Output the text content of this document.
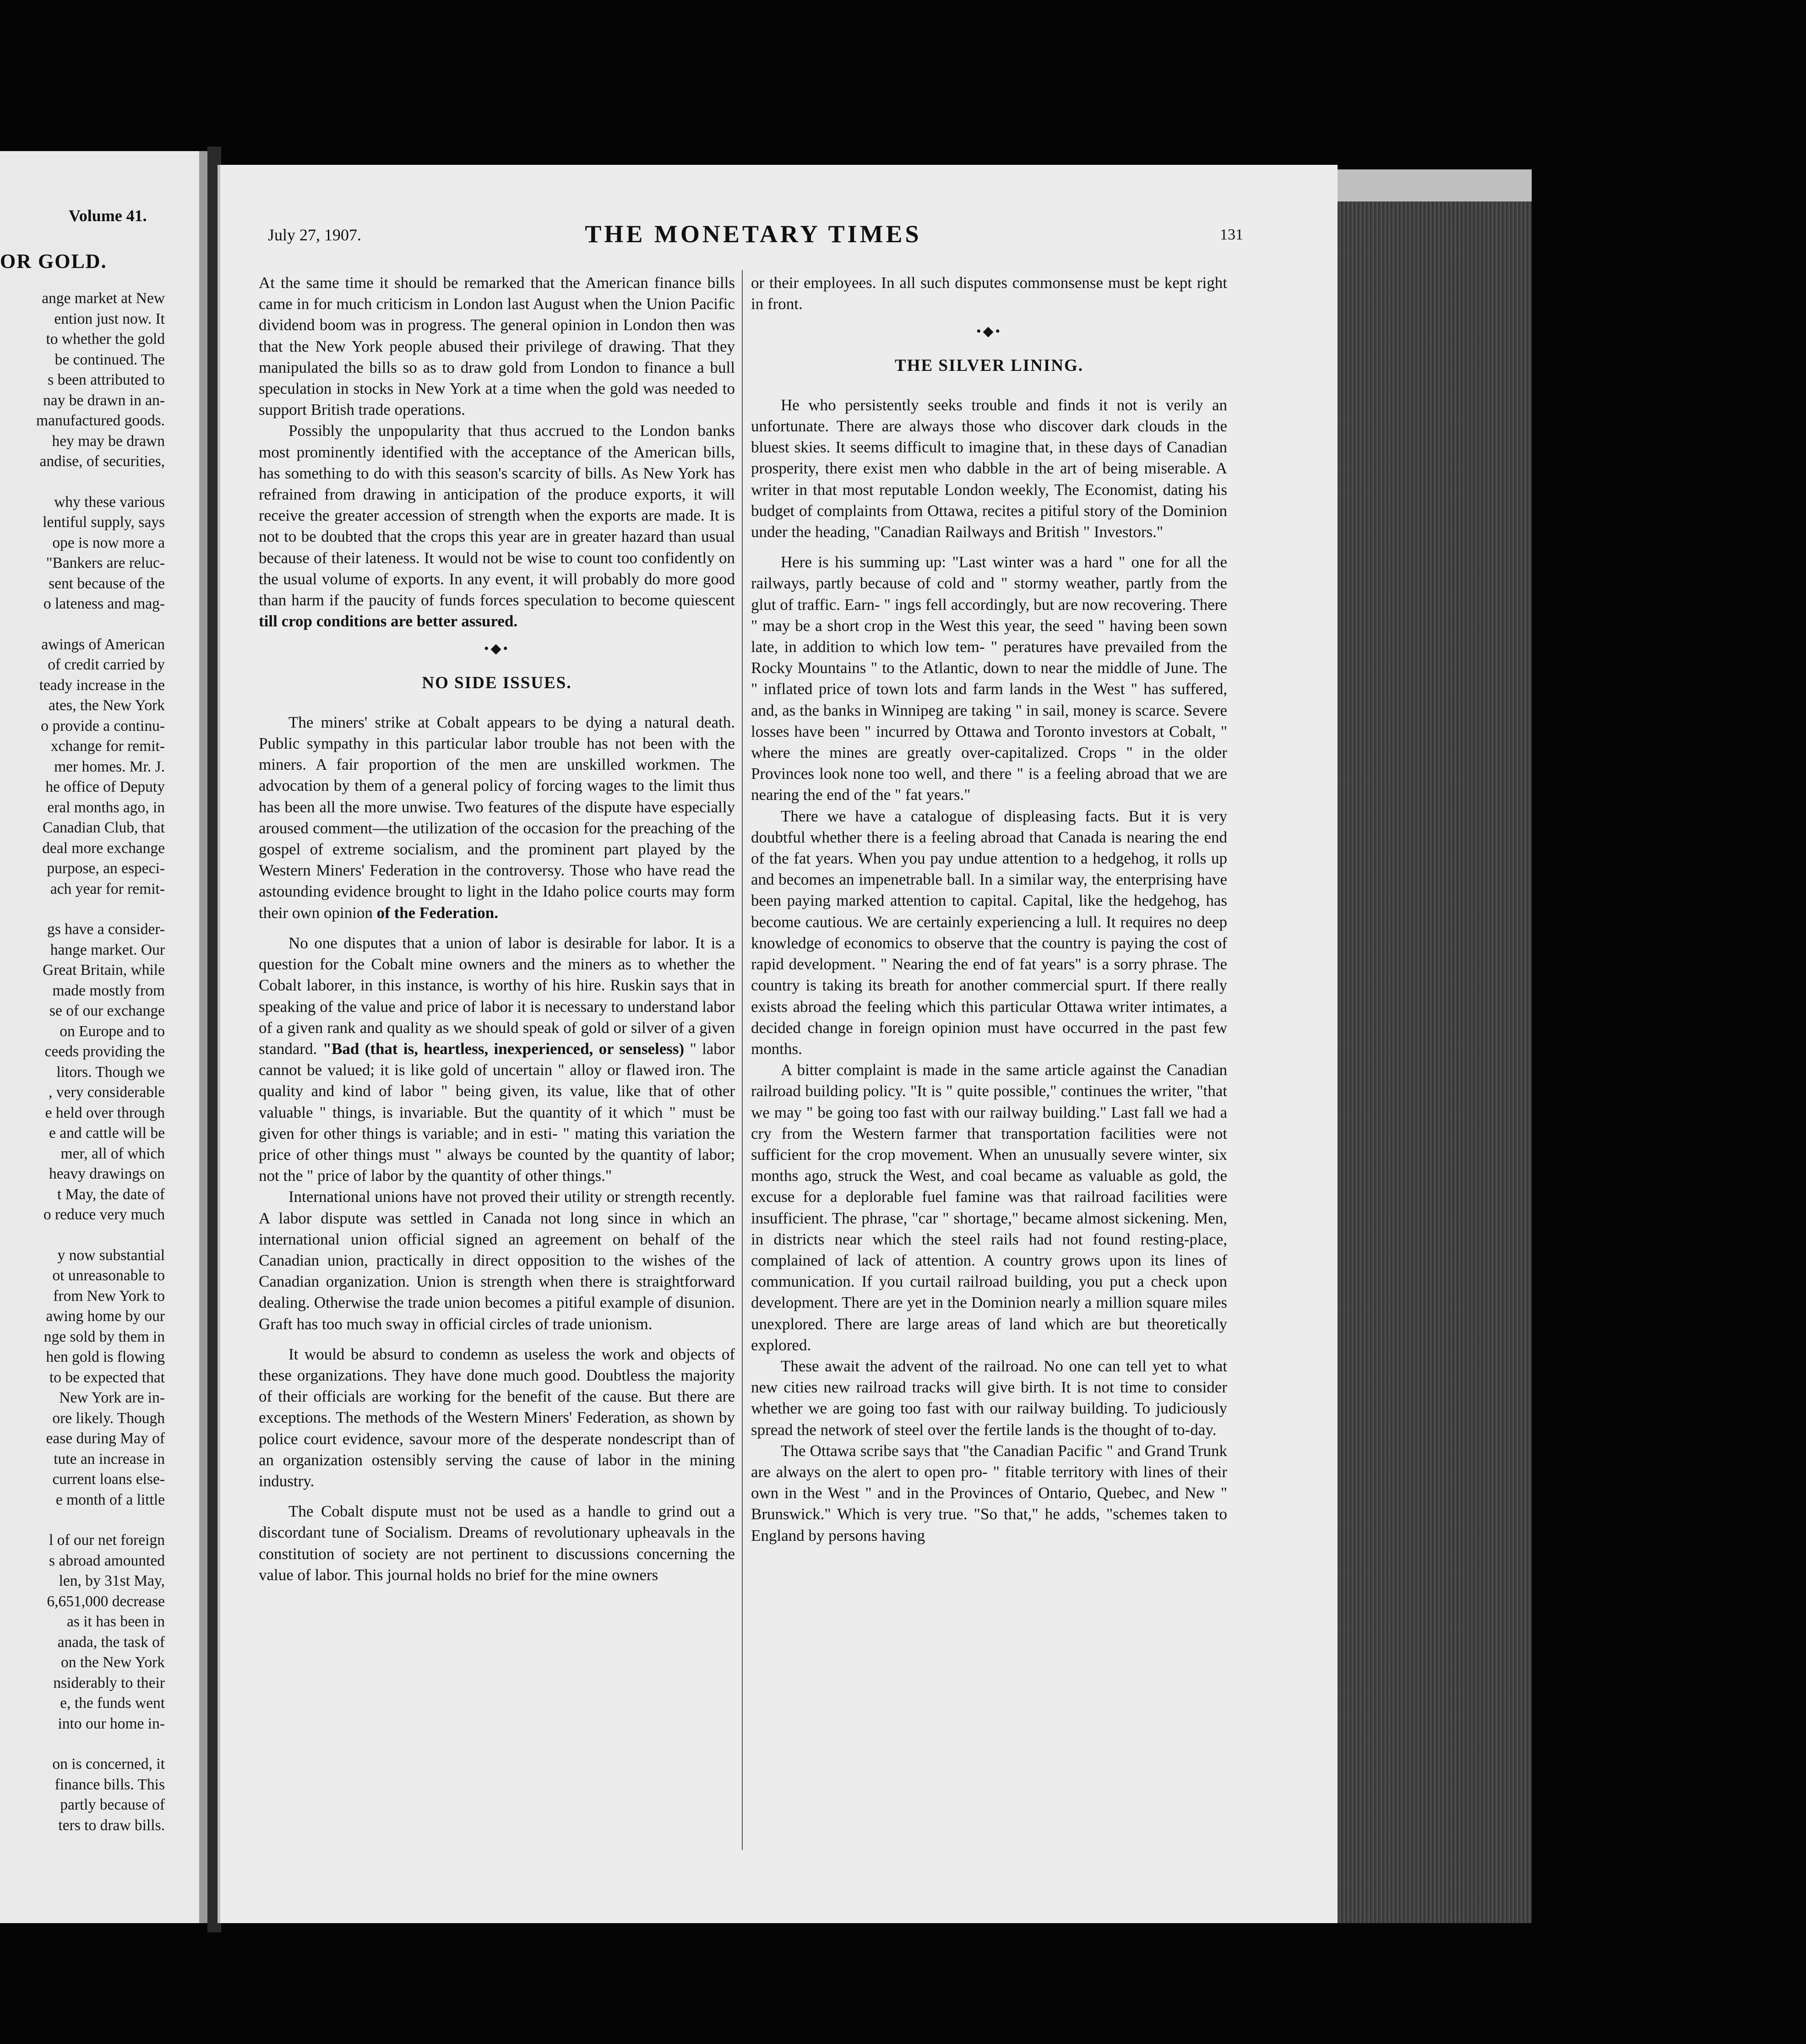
Volume 41.
OR GOLD.
ange market at New
ention just now. It
to whether the gold
be continued. The
s been attributed to
nay be drawn in an-
manufactured goods.
hey may be drawn
andise, of securities,
why these various
lentiful supply, says
ope is now more a
"Bankers are reluc-
sent because of the
o lateness and mag-
awings of American
of credit carried by
teady increase in the
ates, the New York
o provide a continu-
xchange for remit-
mer homes. Mr. J.
he office of Deputy
eral months ago, in
Canadian Club, that
deal more exchange
purpose, an especi-
ach year for remit-
gs have a consider-
hange market. Our
Great Britain, while
made mostly from
se of our exchange
on Europe and to
ceeds providing the
litors. Though we
, very considerable
e held over through
e and cattle will be
mer, all of which
heavy drawings on
t May, the date of
o reduce very much
y now substantial
ot unreasonable to
from New York to
awing home by our
nge sold by them in
hen gold is flowing
to be expected that
New York are in-
ore likely. Though
ease during May of
tute an increase in
current loans else-
e month of a little
l of our net foreign
s abroad amounted
len, by 31st May,
6,651,000 decrease
as it has been in
anada, the task of
on the New York
nsiderably to their
e, the funds went
into our home in-
on is concerned, it
finance bills. This
partly because of
ters to draw bills.
July 27, 1907.	THE MONETARY TIMES	131

At the same time it should be remarked that the American finance bills came in for much criticism in London last August when the Union Pacific dividend boom was in progress. The general opinion in London then was that the New York people abused their privilege of drawing. That they manipulated the bills so as to draw gold from London to finance a bull speculation in stocks in New York at a time when the gold was needed to support British trade operations.

Possibly the unpopularity that thus accrued to the London banks most prominently identified with the acceptance of the American bills, has something to do with this season's scarcity of bills. As New York has refrained from drawing in anticipation of the produce exports, it will receive the greater accession of strength when the exports are made. It is not to be doubted that the crops this year are in greater hazard than usual because of their lateness. It would not be wise to count too confidently on the usual volume of exports. In any event, it will probably do more good than harm if the paucity of funds forces speculation to become quiescent till crop conditions are better assured.

•◆•
NO SIDE ISSUES.

The miners' strike at Cobalt appears to be dying a natural death. Public sympathy in this particular labor trouble has not been with the miners. A fair proportion of the men are unskilled workmen. The advocation by them of a general policy of forcing wages to the limit thus has been all the more unwise. Two features of the dispute have especially aroused comment—the utilization of the occasion for the preaching of the gospel of extreme socialism, and the prominent part played by the Western Miners' Federation in the controversy. Those who have read the astounding evidence brought to light in the Idaho police courts may form their own opinion of the Federation.

No one disputes that a union of labor is desirable for labor. It is a question for the Cobalt mine owners and the miners as to whether the Cobalt laborer, in this instance, is worthy of his hire. Ruskin says that in speaking of the value and price of labor it is necessary to understand labor of a given rank and quality as we should speak of gold or silver of a given standard. "Bad (that is, heartless, inexperienced, or senseless) " labor cannot be valued; it is like gold of uncertain " alloy or flawed iron. The quality and kind of labor " being given, its value, like that of other valuable " things, is invariable. But the quantity of it which " must be given for other things is variable; and in esti- " mating this variation the price of other things must " always be counted by the quantity of labor; not the " price of labor by the quantity of other things."

International unions have not proved their utility or strength recently. A labor dispute was settled in Canada not long since in which an international union official signed an agreement on behalf of the Canadian union, practically in direct opposition to the wishes of the Canadian organization. Union is strength when there is straightforward dealing. Otherwise the trade union becomes a pitiful example of disunion. Graft has too much sway in official circles of trade unionism.

It would be absurd to condemn as useless the work and objects of these organizations. They have done much good. Doubtless the majority of their officials are working for the benefit of the cause. But there are exceptions. The methods of the Western Miners' Federation, as shown by police court evidence, savour more of the desperate nondescript than of an organization ostensibly serving the cause of labor in the mining industry.

The Cobalt dispute must not be used as a handle to grind out a discordant tune of Socialism. Dreams of revolutionary upheavals in the constitution of society are not pertinent to discussions concerning the value of labor. This journal holds no brief for the mine owners

or their employees. In all such disputes commonsense must be kept right in front.

•◆•
THE SILVER LINING.

He who persistently seeks trouble and finds it not is verily an unfortunate. There are always those who discover dark clouds in the bluest skies. It seems difficult to imagine that, in these days of Canadian prosperity, there exist men who dabble in the art of being miserable. A writer in that most reputable London weekly, The Economist, dating his budget of complaints from Ottawa, recites a pitiful story of the Dominion under the heading, "Canadian Railways and British " Investors."

Here is his summing up: "Last winter was a hard " one for all the railways, partly because of cold and " stormy weather, partly from the glut of traffic. Earn- " ings fell accordingly, but are now recovering. There " may be a short crop in the West this year, the seed " having been sown late, in addition to which low tem- " peratures have prevailed from the Rocky Mountains " to the Atlantic, down to near the middle of June. The " inflated price of town lots and farm lands in the West " has suffered, and, as the banks in Winnipeg are taking " in sail, money is scarce. Severe losses have been " incurred by Ottawa and Toronto investors at Cobalt, " where the mines are greatly over-capitalized. Crops " in the older Provinces look none too well, and there " is a feeling abroad that we are nearing the end of the " fat years."

There we have a catalogue of displeasing facts. But it is very doubtful whether there is a feeling abroad that Canada is nearing the end of the fat years. When you pay undue attention to a hedgehog, it rolls up and becomes an impenetrable ball. In a similar way, the enterprising have been paying marked attention to capital. Capital, like the hedgehog, has become cautious. We are certainly experiencing a lull. It requires no deep knowledge of economics to observe that the country is paying the cost of rapid development. " Nearing the end of fat years" is a sorry phrase. The country is taking its breath for another commercial spurt. If there really exists abroad the feeling which this particular Ottawa writer intimates, a decided change in foreign opinion must have occurred in the past few months.

A bitter complaint is made in the same article against the Canadian railroad building policy. "It is " quite possible," continues the writer, "that we may " be going too fast with our railway building." Last fall we had a cry from the Western farmer that transportation facilities were not sufficient for the crop movement. When an unusually severe winter, six months ago, struck the West, and coal became as valuable as gold, the excuse for a deplorable fuel famine was that railroad facilities were insufficient. The phrase, "car " shortage," became almost sickening. Men, in districts near which the steel rails had not found resting-place, complained of lack of attention. A country grows upon its lines of communication. If you curtail railroad building, you put a check upon development. There are yet in the Dominion nearly a million square miles unexplored. There are large areas of land which are but theoretically explored.

These await the advent of the railroad. No one can tell yet to what new cities new railroad tracks will give birth. It is not time to consider whether we are going too fast with our railway building. To judiciously spread the network of steel over the fertile lands is the thought of to-day.

The Ottawa scribe says that "the Canadian Pacific " and Grand Trunk are always on the alert to open pro- " fitable territory with lines of their own in the West " and in the Provinces of Ontario, Quebec, and New " Brunswick." Which is very true. "So that," he adds, "schemes taken to England by persons having
